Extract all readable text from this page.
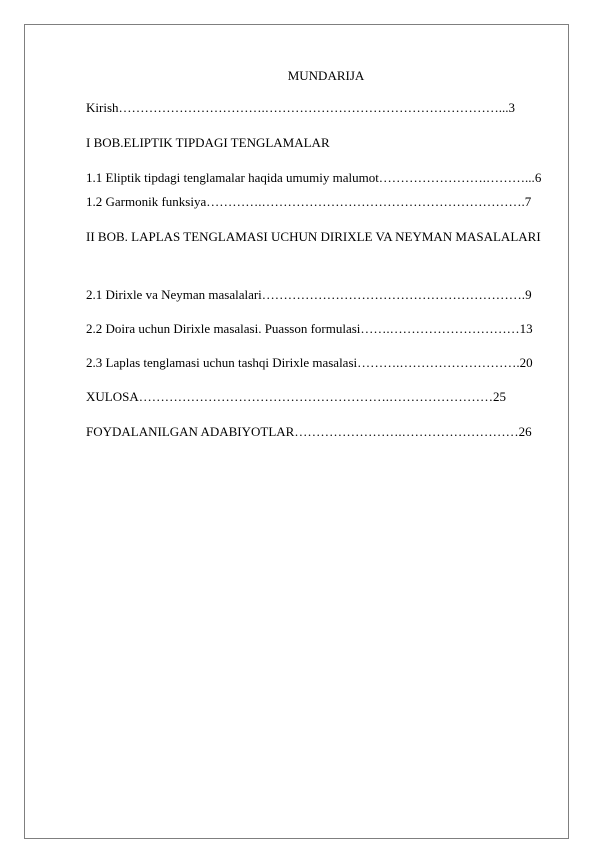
MUNDARIJA
Kirish…………………………….………………………………………………...3
I BOB.ELIPTIK TIPDAGI TENGLAMALAR
1.1 Eliptik tipdagi tenglamalar haqida umumiy malumot…………………….………...6
1.2 Garmonik funksiya………….…………………………………………………….7
II BOB. LAPLAS TENGLAMASI UCHUN DIRIXLE VA NEYMAN MASALALARI
2.1 Dirixle va Neyman masalalari…………………………………………………….9
2.2 Doira uchun Dirixle masalasi. Puasson formulasi…….…………………………13
2.3 Laplas tenglamasi uchun tashqi Dirixle masalasi……….……………………….20
XULOSA………………………………………………….……………………25
FOYDALANILGAN ADABIYOTLAR…………………….………………………26
